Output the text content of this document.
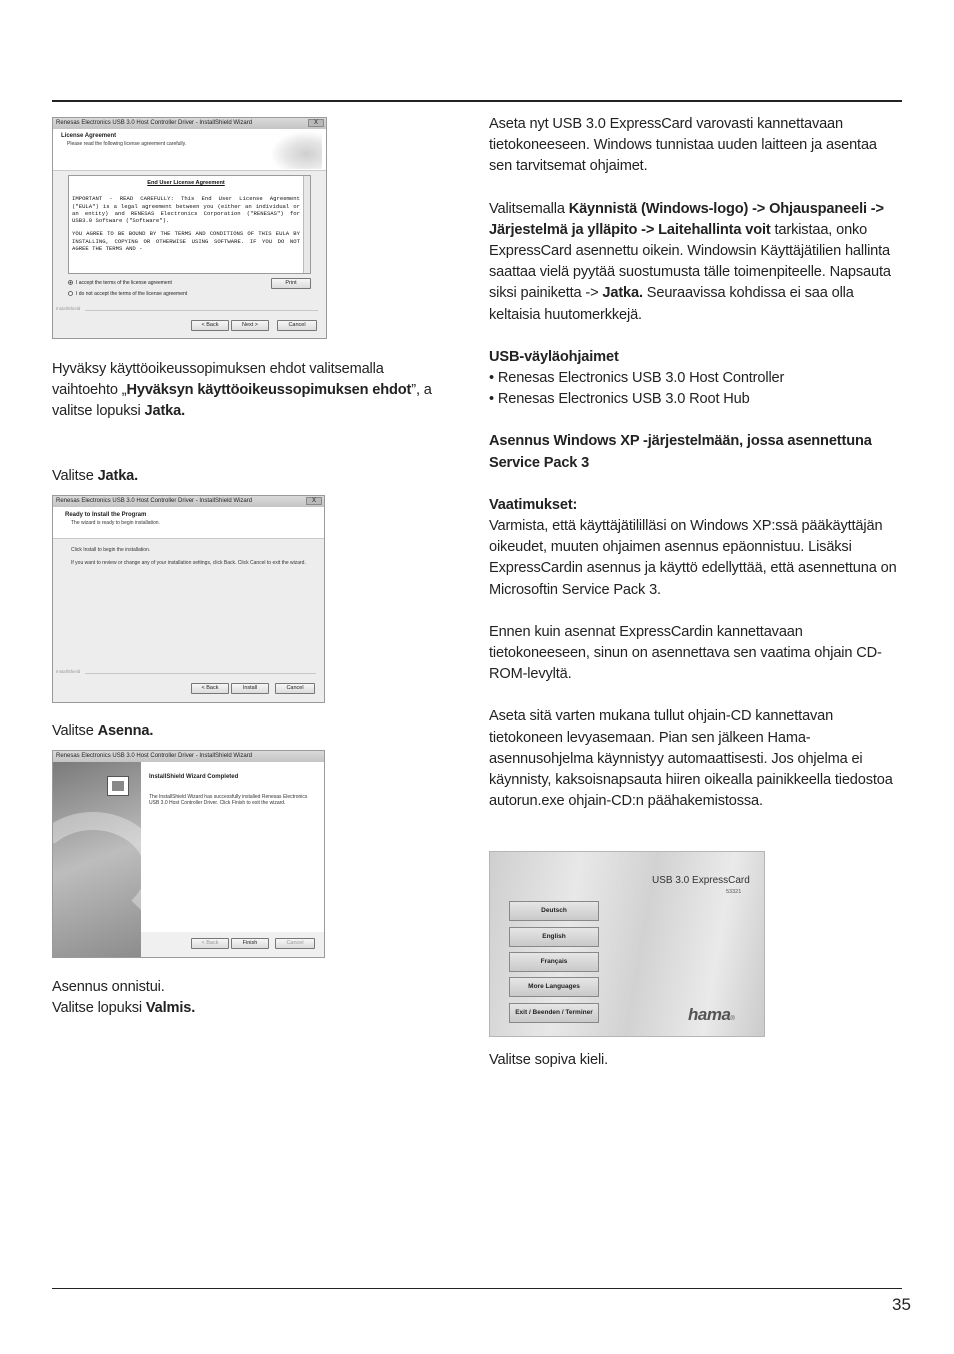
Renesas Electronics USB 3.0 Host Controller Driver - InstallShield Wizard	X
License Agreement
Please read the following license agreement carefully.
End User License Agreement

IMPORTANT - READ CAREFULLY: This End User License Agreement ("EULA") is a legal agreement between you (either an individual or an entity) and RENESAS Electronics Corporation ("RENESAS") for USB3.0 Software ("Software").

YOU AGREE TO BE BOUND BY THE TERMS AND CONDITIONS OF THIS EULA BY INSTALLING, COPYING OR OTHERWISE USING SOFTWARE. IF YOU DO NOT AGREE THE TERMS AND -

I accept the terms of the license agreement
I do not accept the terms of the license agreement
Print
InstallShield
< Back	Next >	Cancel

Hyväksy käyttöoikeussopimuksen ehdot valitsemalla vaihtoehto „Hyväksyn käyttöoikeussopimuksen ehdot”, a valitse lopuksi Jatka.

Valitse Jatka.

Renesas Electronics USB 3.0 Host Controller Driver - InstallShield Wizard	X
Ready to Install the Program
The wizard is ready to begin installation.
Click Install to begin the installation.
If you want to review or change any of your installation settings, click Back. Click Cancel to exit the wizard.
InstallShield
< Back	Install	Cancel

Valitse Asenna.

Renesas Electronics USB 3.0 Host Controller Driver - InstallShield Wizard
InstallShield Wizard Completed
The InstallShield Wizard has successfully installed Renesas Electronics USB 3.0 Host Controller Driver. Click Finish to exit the wizard.
< Back	Finish	Cancel

Asennus onnistui.

Valitse lopuksi Valmis.

Aseta nyt USB 3.0 ExpressCard varovasti kannettavaan tietokoneeseen. Windows tunnistaa uuden laitteen ja asentaa sen tarvitsemat ohjaimet.

Valitsemalla Käynnistä (Windows-logo) -> Ohjauspaneeli -> Järjestelmä ja ylläpito -> Laitehallinta voit tarkistaa, onko ExpressCard asennettu oikein. Windowsin Käyttäjätilien hallinta saattaa vielä pyytää suostumusta tälle toimenpiteelle. Napsauta siksi painiketta -> Jatka. Seuraavissa kohdissa ei saa olla keltaisia huutomerkkejä.

USB-väyläohjaimet

• Renesas Electronics USB 3.0 Host Controller

• Renesas Electronics USB 3.0 Root Hub

Asennus Windows XP -järjestelmään, jossa asennettuna Service Pack 3

Vaatimukset:

Varmista, että käyttäjätililläsi on Windows XP:ssä pääkäyttäjän oikeudet, muuten ohjaimen asennus epäonnistuu. Lisäksi ExpressCardin asennus ja käyttö edellyttää, että asennettuna on Microsoftin Service Pack 3.

Ennen kuin asennat ExpressCardin kannettavaan tietokoneeseen, sinun on asennettava sen vaatima ohjain CD-ROM-levyltä.

Aseta sitä varten mukana tullut ohjain-CD kannettavan tietokoneen levyasemaan. Pian sen jälkeen Hama-asennusohjelma käynnistyy automaattisesti. Jos ohjelma ei käynnisty, kaksoisnapsauta hiiren oikealla painikkeella tiedostoa autorun.exe ohjain-CD:n päähakemistossa.

USB 3.0 ExpressCard
53321
Deutsch
English
Français
More Languages
Exit / Beenden / Terminer	hama®

Valitse sopiva kieli.

35
